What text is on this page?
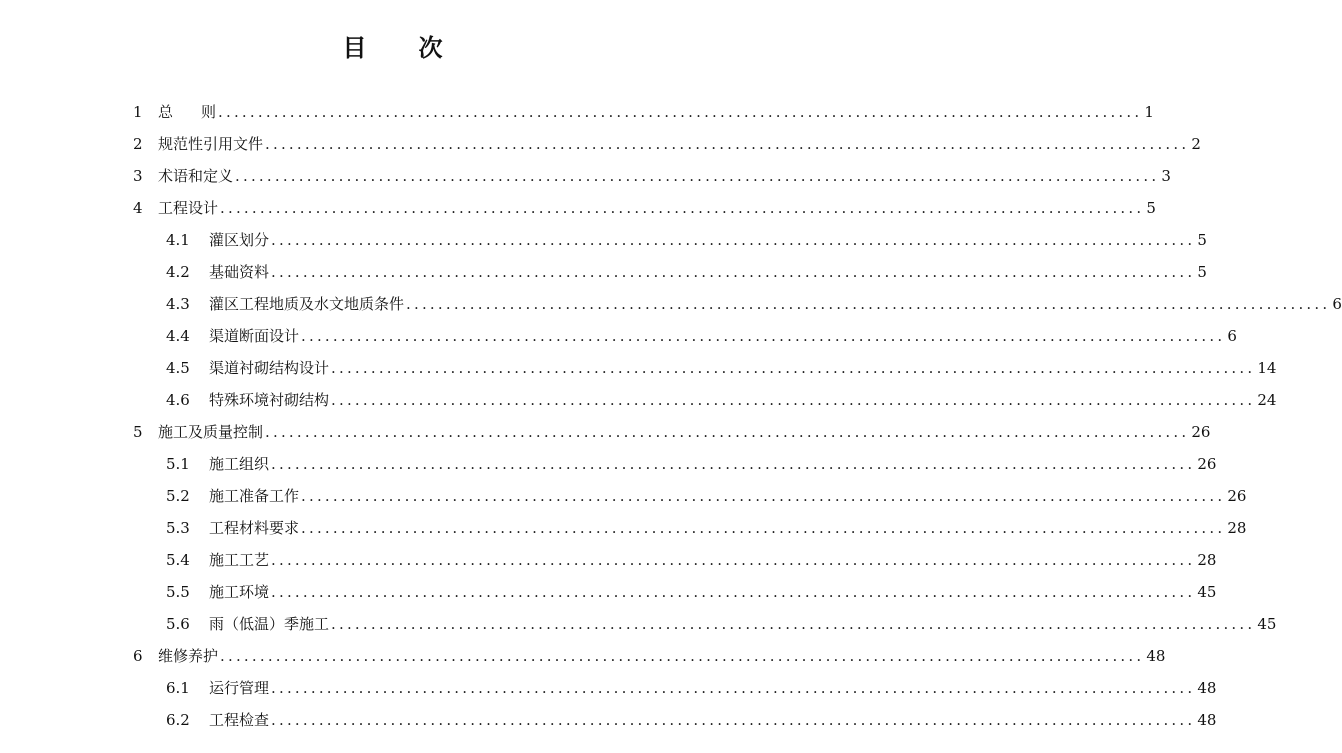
目 次
1 总 则 .................................................................................................................... 1
2 规范性引用文件 .................................................................................................................... 2
3 术语和定义 .................................................................................................................... 3
4 工程设计 .................................................................................................................... 5
4.1 灌区划分 .................................................................................................................... 5
4.2 基础资料 .................................................................................................................... 5
4.3 灌区工程地质及水文地质条件 .................................................................................................................... 6
4.4 渠道断面设计 .................................................................................................................... 6
4.5 渠道衬砌结构设计 .................................................................................................................... 14
4.6 特殊环境衬砌结构 .................................................................................................................... 24
5 施工及质量控制 .................................................................................................................... 26
5.1 施工组织 .................................................................................................................... 26
5.2 施工准备工作 .................................................................................................................... 26
5.3 工程材料要求 .................................................................................................................... 28
5.4 施工工艺 .................................................................................................................... 28
5.5 施工环境 .................................................................................................................... 45
5.6 雨（低温）季施工 .................................................................................................................... 45
6 维修养护 .................................................................................................................... 48
6.1 运行管理 .................................................................................................................... 48
6.2 工程检查 .................................................................................................................... 48
